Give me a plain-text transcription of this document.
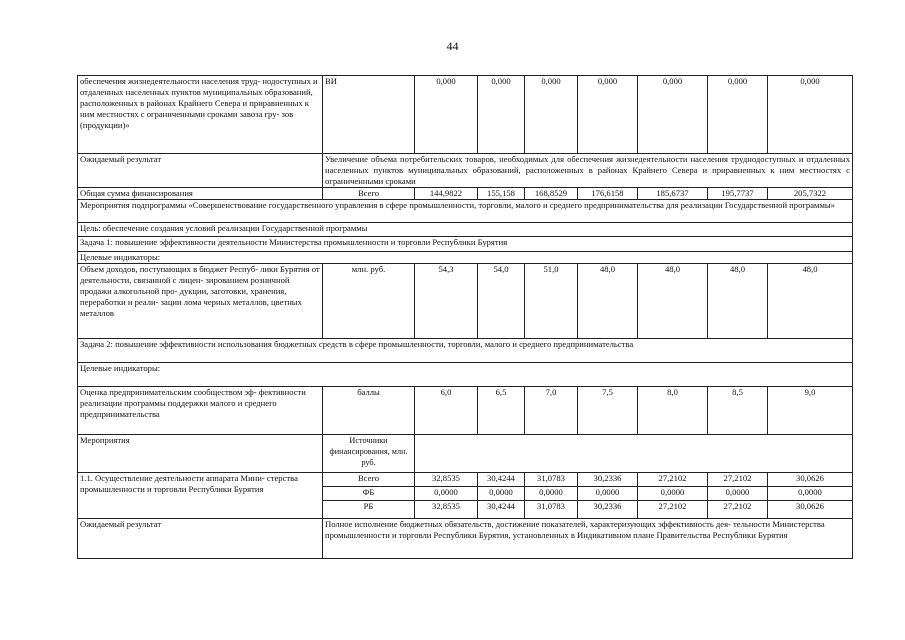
44
обеспечения жизнедеятельности населения труд- нодоступных и отдаленных населенных пунктов муниципальных образований, расположенных в районах Крайнего Севера и приравненных к ним местностях с ограниченными сроками завоза гру- зов (продукции)»	ВИ	0,000	0,000	0,000	0,000	0,000	0,000	0,000
Ожидаемый результат	Увеличение объема потребительских товаров, необходимых для обеспечения жизнедеятельности населения труднодоступных и отдаленных населенных пунктов муниципальных образований, расположенных в районах Крайнего Севера и приравненных к ним местностях с ограниченными сроками							
Общая сумма финансирования	Всего	144,9822	155,158	168,8529	176,6158	185,6737	195,7737	205,7322
Мероприятия подпрограммы «Совершенствование государственного управления в сфере промышленности, торговли, малого и среднего предпринимательства для реализации Государственной программы»								
Цель: обеспечение создания условий реализации Государственной программы								
Задача 1: повышение эффективности деятельности Министерства промышленности и торговли Республики Бурятия								
Целевые индикаторы:								
Объем доходов, поступающих в бюджет Респуб- лики Бурятия от деятельности, связанной с лицен- зированием розничной продажи алкогольной про- дукции, заготовки, хранения, переработки и реали- зации лома черных металлов, цветных металлов	млн. руб.	54,3	54,0	51,0	48,0	48,0	48,0	48,0
Задача 2: повышение эффективности использования бюджетных средств в сфере промышленности, торговли, малого и среднего предпринимательства								
Целевые индикаторы:								
Оценка предпринимательским сообществом эф- фективности реализации программы поддержки малого и среднего предпринимательства	баллы	6,0	6,5	7,0	7,5	8,0	8,5	9,0
Мероприятия	Источники финансирования, млн. руб.							
1.1. Осуществление деятельности аппарата Мини- стерства промышленности и торговли Республики Бурятия	Всего	32,8535	30,4244	31,0783	30,2336	27,2102	27,2102	30,0626
	ФБ	0,0000	0,0000	0,0000	0,0000	0,0000	0,0000	0,0000
	РБ	32,8535	30,4244	31,0783	30,2336	27,2102	27,2102	30,0626
Ожидаемый результат	Полное исполнение бюджетных обязательств, достижение показателей, характеризующих эффективность дея- тельности Министерства промышленности и торговли Республики Бурятия, установленных в Индикативном плане Правительства Республики Бурятия							
